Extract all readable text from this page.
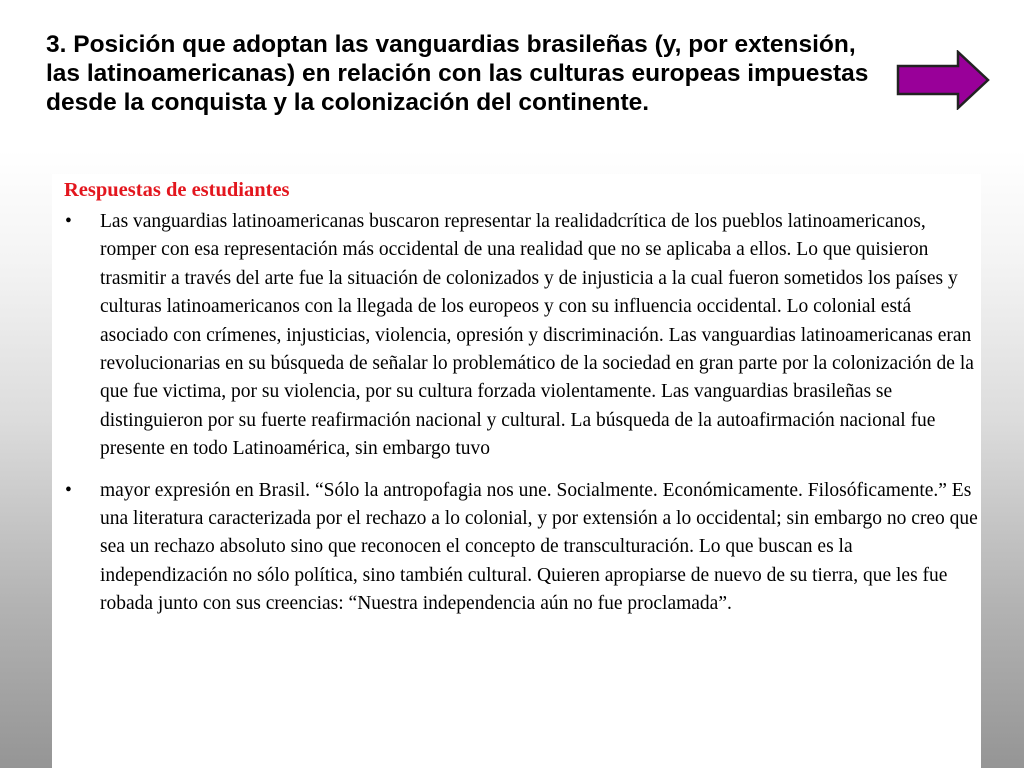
3. Posición que adoptan las vanguardias brasileñas (y, por extensión, las latinoamericanas) en relación con las culturas europeas impuestas desde la conquista y la colonización del continente.
Respuestas de estudiantes
• Las vanguardias latinoamericanas buscaron representar la realidadcrítica de los pueblos latinoamericanos, romper con esa representación más occidental de una realidad que no se aplicaba a ellos. Lo que quisieron trasmitir a través del arte fue la situación de colonizados y de injusticia a la cual fueron sometidos los países y culturas latinoamericanos con la llegada de los europeos y con su influencia occidental. Lo colonial está asociado con crímenes, injusticias, violencia, opresión y discriminación. Las vanguardias latinoamericanas eran revolucionarias en su búsqueda de señalar lo problemático de la sociedad en gran parte por la colonización de la que fue victima, por su violencia, por su cultura forzada violentamente. Las vanguardias brasileñas se distinguieron por su fuerte reafirmación nacional y cultural. La búsqueda de la autoafirmación nacional fue presente en todo Latinoamérica, sin embargo tuvo
• mayor expresión en Brasil. “Sólo la antropofagia nos une. Socialmente. Económicamente. Filosóficamente.” Es una literatura caracterizada por el rechazo a lo colonial, y por extensión a lo occidental; sin embargo no creo que sea un rechazo absoluto sino que reconocen el concepto de transculturación. Lo que buscan es la independización no sólo política, sino también cultural. Quieren apropiarse de nuevo de su tierra, que les fue robada junto con sus creencias: “Nuestra independencia aún no fue proclamada”.
